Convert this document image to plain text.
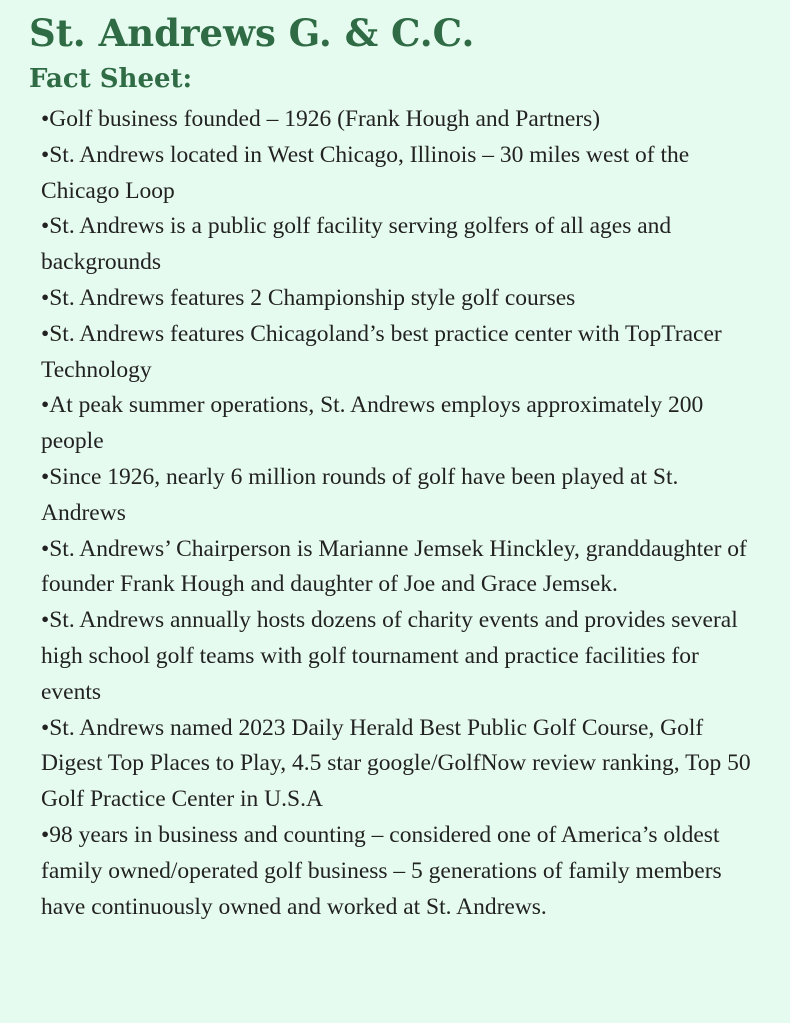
St. Andrews G. & C.C.
Fact Sheet:
•Golf business founded – 1926 (Frank Hough and Partners)
•St. Andrews located in West Chicago, Illinois – 30 miles west of the Chicago Loop
•St. Andrews is a public golf facility serving golfers of all ages and backgrounds
•St. Andrews features 2 Championship style golf courses
•St. Andrews features Chicagoland’s best practice center with TopTracer Technology
•At peak summer operations, St. Andrews employs approximately 200 people
•Since 1926, nearly 6 million rounds of golf have been played at St. Andrews
•St. Andrews’ Chairperson is Marianne Jemsek Hinckley, granddaughter of founder Frank Hough and daughter of Joe and Grace Jemsek.
•St. Andrews annually hosts dozens of charity events and provides several high school golf teams with golf tournament and practice facilities for events
•St. Andrews named 2023 Daily Herald Best Public Golf Course, Golf Digest Top Places to Play, 4.5 star google/GolfNow review ranking, Top 50 Golf Practice Center in U.S.A
•98 years in business and counting – considered one of America’s oldest family owned/operated golf business – 5 generations of family members have continuously owned and worked at St. Andrews.
